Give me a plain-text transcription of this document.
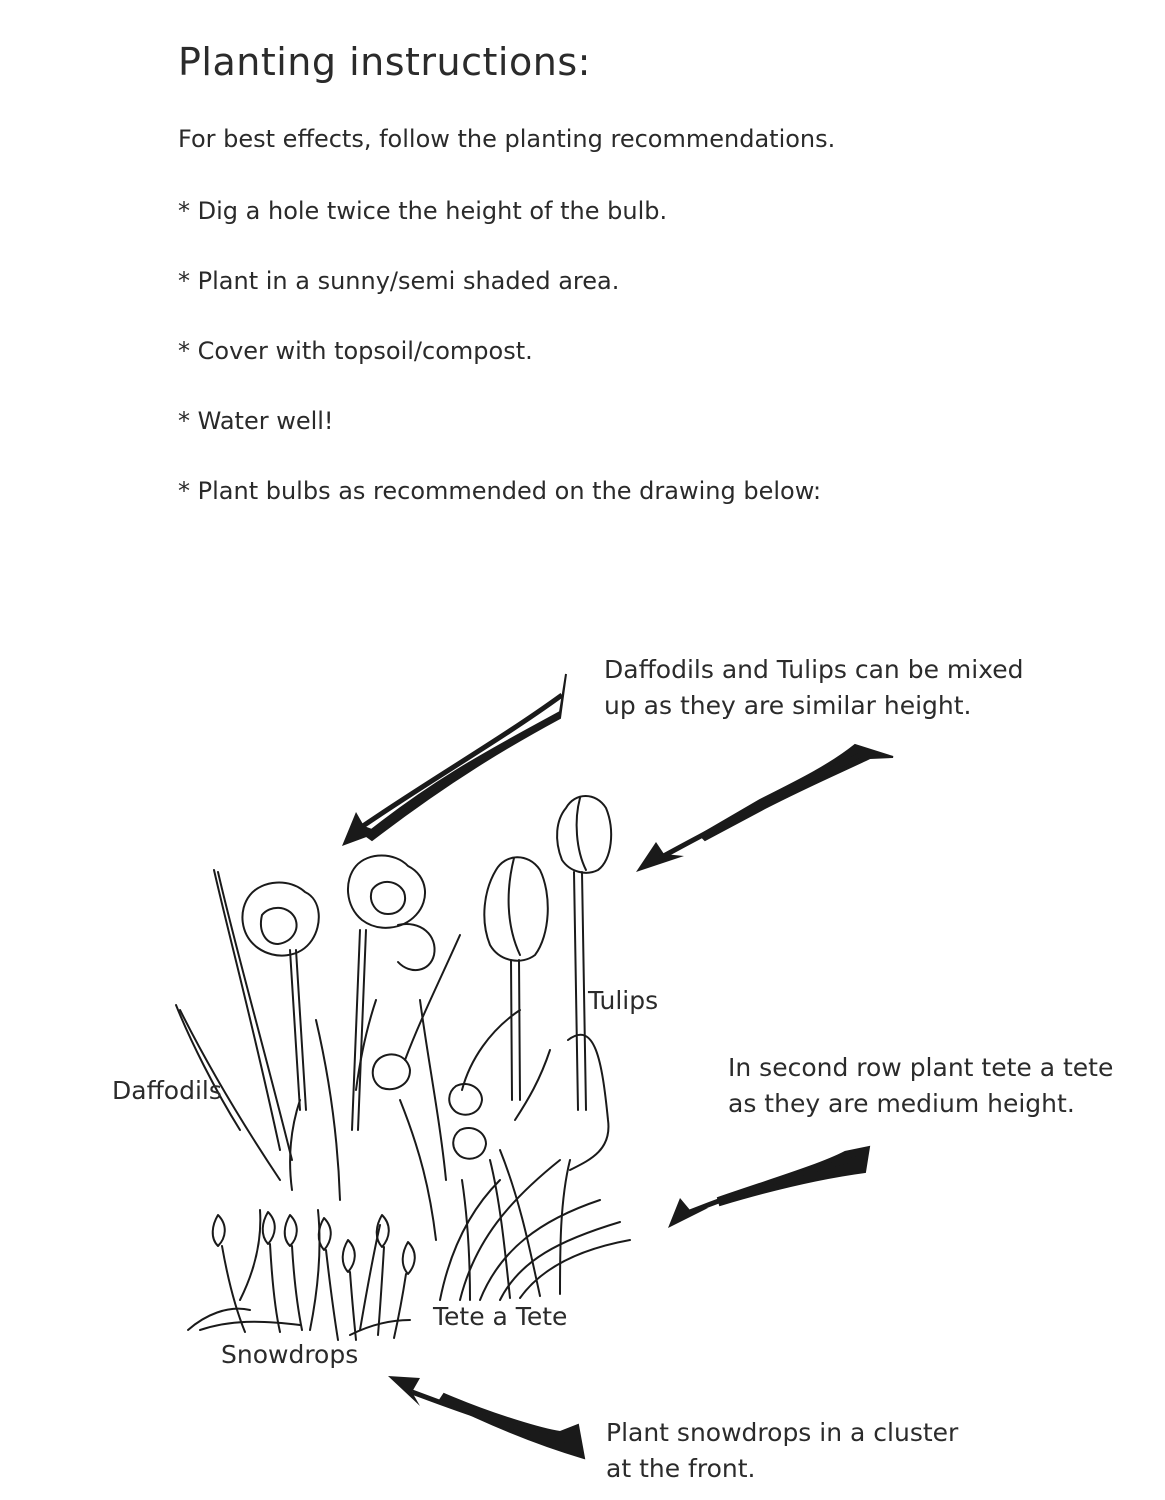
Planting instructions:

For best effects, follow the planting recommendations.

* Dig a hole twice the height of the bulb.
* Plant in a sunny/semi shaded area.
* Cover with topsoil/compost.
* Water well!
* Plant bulbs as recommended on the drawing below:

Daffodils and Tulips can be mixed up as they are similar height.

In second row plant tete a tete as they are medium height.

Plant snowdrops in a cluster at the front.

Tulips

Daffodils

Tete a Tete

Snowdrops
